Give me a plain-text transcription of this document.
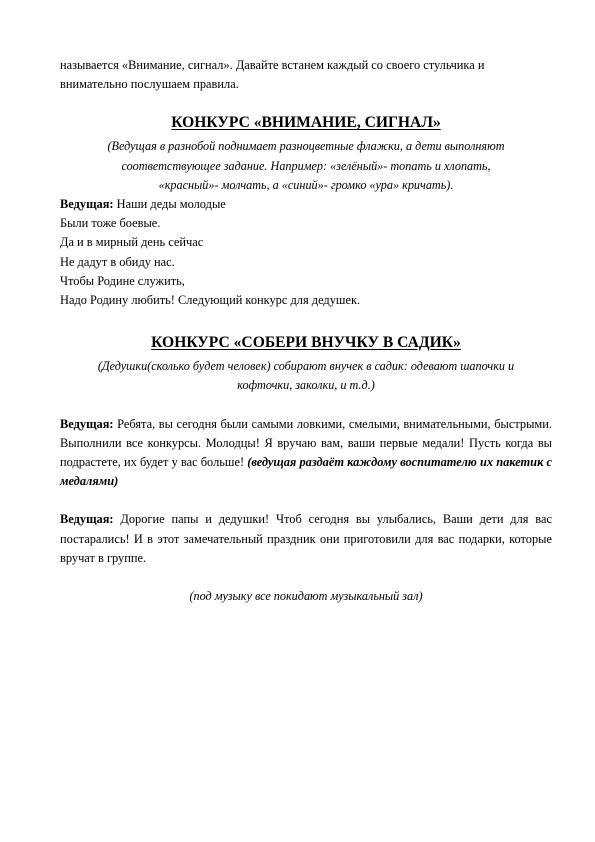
называется «Внимание, сигнал». Давайте встанем каждый со своего стульчика и

внимательно послушаем правила.

КОНКУРС «ВНИМАНИЕ, СИГНАЛ»

(Ведущая в разнобой поднимает разноцветные флажки, а дети выполняют

соответствующее задание. Например: «зелёный»- топать и хлопать,

«красный»- молчать, а «синий»- громко «ура» кричать).

Ведущая: Наши деды молодые

Были тоже боевые.

Да и в мирный день сейчас

Не дадут в обиду нас.

Чтобы Родине служить,

Надо Родину любить! Следующий конкурс для дедушек.

КОНКУРС «СОБЕРИ ВНУЧКУ В САДИК»

(Дедушки(сколько будет человек) собирают внучек в садик: одевают шапочки и

кофточки, заколки, и т.д.)

Ведущая: Ребята, вы сегодня были самыми ловкими, смелыми, внимательными, быстрыми. Выполнили все конкурсы. Молодцы! Я вручаю вам, ваши первые медали! Пусть когда вы подрастете, их будет у вас больше! (ведущая раздаёт каждому воспитателю их пакетик с медалями)

Ведущая: Дорогие папы и дедушки! Чтоб сегодня вы улыбались, Ваши дети для вас постарались! И в этот замечательный праздник они приготовили для вас подарки, которые вручат в группе.

(под музыку все покидают музыкальный зал)
